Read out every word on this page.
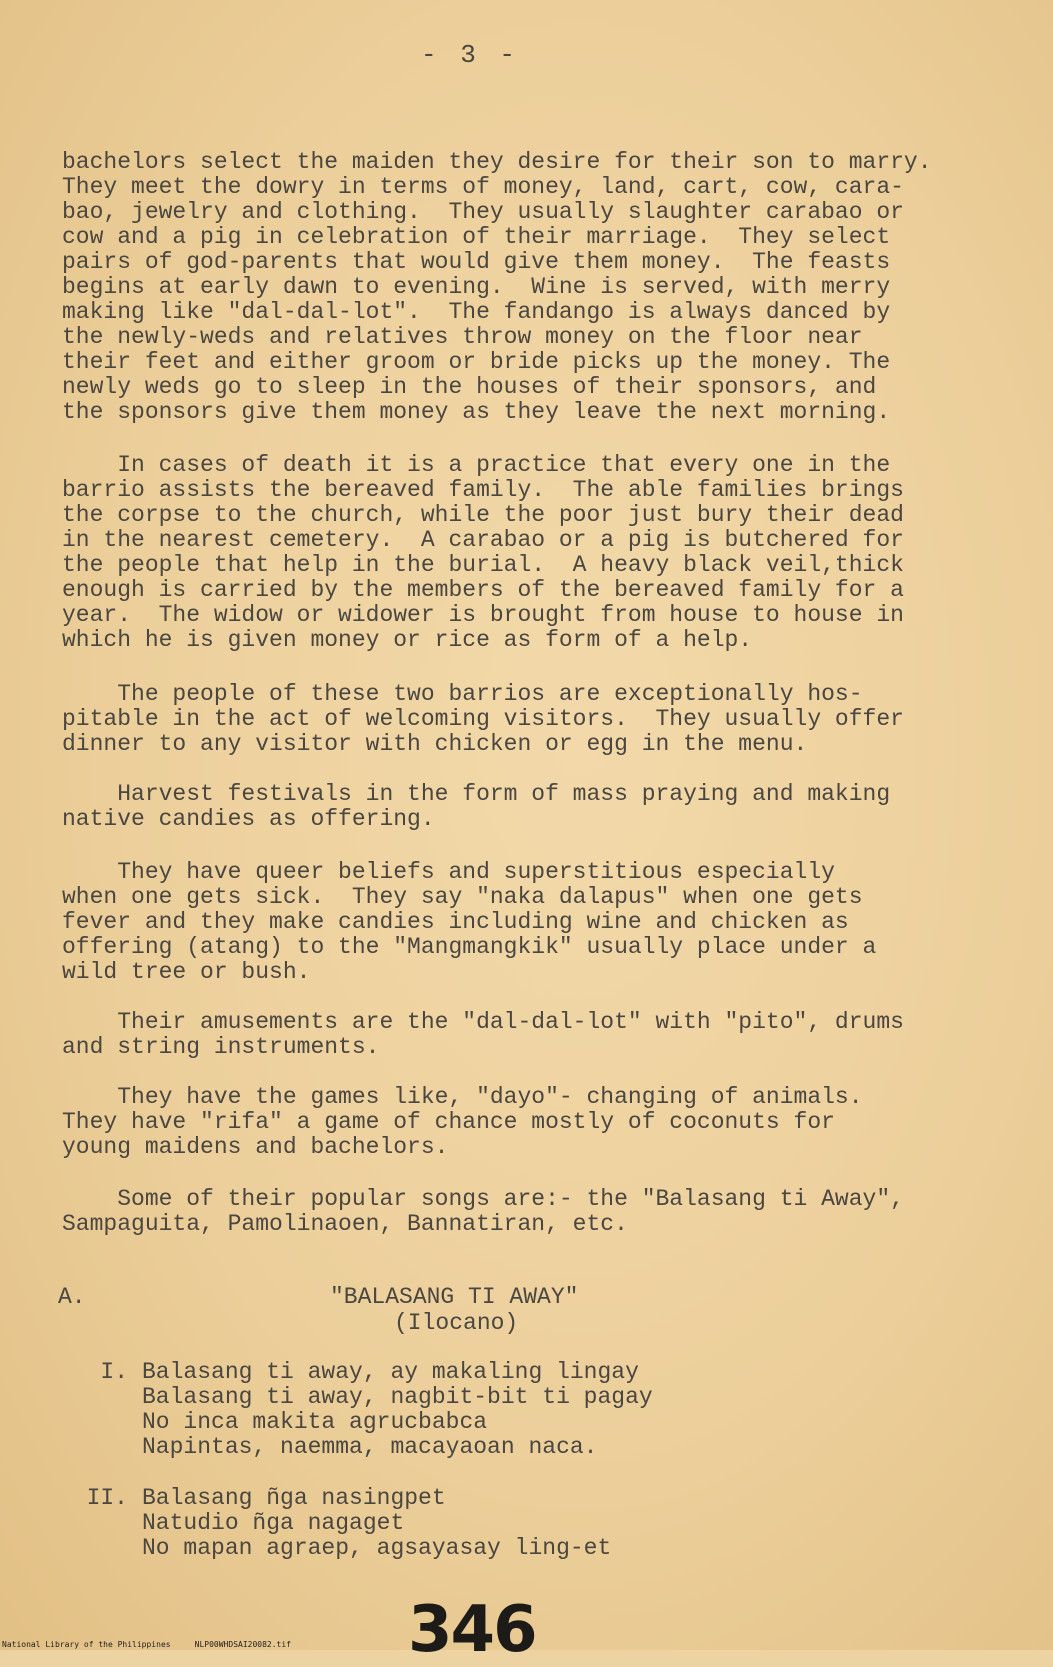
- 3 -

bachelors select the maiden they desire for their son to marry.
They meet the dowry in terms of money, land, cart, cow, cara-
bao, jewelry and clothing.  They usually slaughter carabao or
cow and a pig in celebration of their marriage.  They select
pairs of god-parents that would give them money.  The feasts
begins at early dawn to evening.  Wine is served, with merry
making like "dal-dal-lot".  The fandango is always danced by
the newly-weds and relatives throw money on the floor near
their feet and either groom or bride picks up the money. The
newly weds go to sleep in the houses of their sponsors, and
the sponsors give them money as they leave the next morning.

In cases of death it is a practice that every one in the
barrio assists the bereaved family.  The able families brings
the corpse to the church, while the poor just bury their dead
in the nearest cemetery.  A carabao or a pig is butchered for
the people that help in the burial.  A heavy black veil,thick
enough is carried by the members of the bereaved family for a
year.  The widow or widower is brought from house to house in
which he is given money or rice as form of a help.

The people of these two barrios are exceptionally hos-
pitable in the act of welcoming visitors.  They usually offer
dinner to any visitor with chicken or egg in the menu.

Harvest festivals in the form of mass praying and making
native candies as offering.

They have queer beliefs and superstitious especially
when one gets sick.  They say "naka dalapus" when one gets
fever and they make candies including wine and chicken as
offering (atang) to the "Mangmangkik" usually place under a
wild tree or bush.

Their amusements are the "dal-dal-lot" with "pito", drums
and string instruments.

They have the games like, "dayo"- changing of animals.
They have "rifa" a game of chance mostly of coconuts for
young maidens and bachelors.

Some of their popular songs are:- the "Balasang ti Away",
Sampaguita, Pamolinaoen, Bannatiran, etc.

A.	"BALASANG TI AWAY"
(Ilocano)
I. Balasang ti away, ay makaling lingay
Balasang ti away, nagbit-bit ti pagay
No inca makita agrucbabca
Napintas, naemma, macayaoan naca.
II. Balasang ñga nasingpet
Natudio ñga nagaget
No mapan agraep, agsayasay ling-et
346
National Library of the Philippines     NLP00WHDSAI20082.tif
